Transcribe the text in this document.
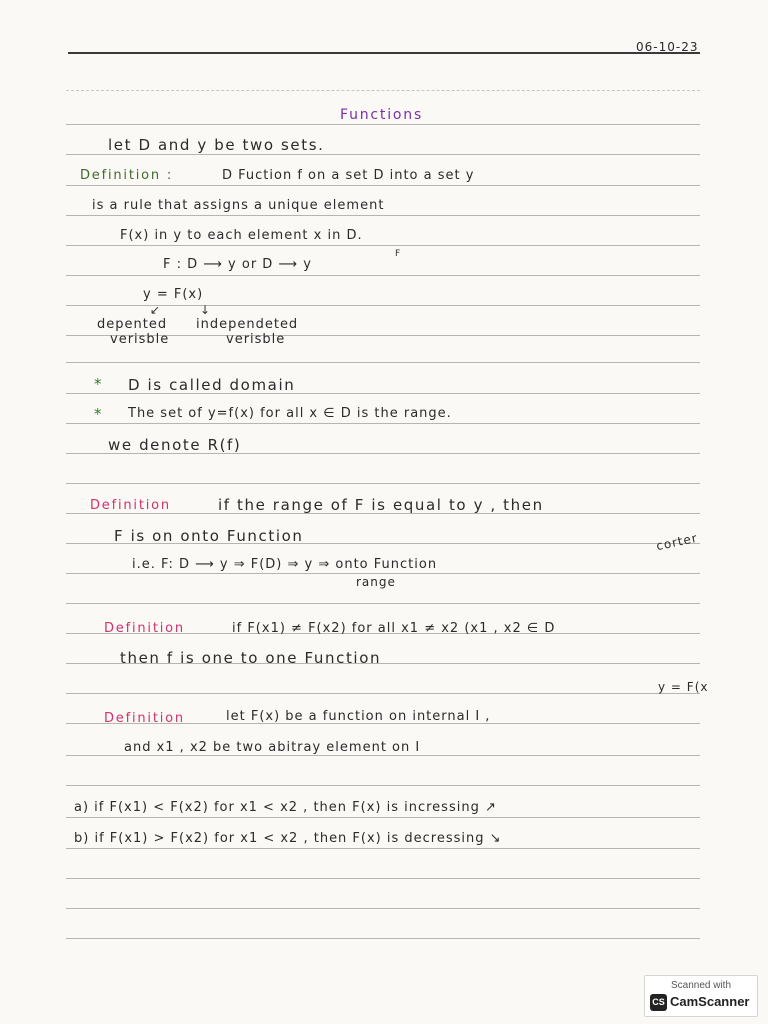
06-10-23
Functions
let D and y be two sets.
Definition :	D Fuction f on a set D into a set y
is a rule that assigns a unique element
F(x) in y to each element x in D.
F : D ⟶ y or D ⟶ y
F
y = F(x)
↙	↓
depented
verisble
independeted
verisble
* D is called domain
* The set of y=f(x) for all x ∈ D is the range.
we denote R(f)
Definition	if the range of F is equal to y , then
F is on onto Function
i.e. F: D ⟶ y ⇒ F(D) ⇒ y ⇒ onto Function
range
corter
Definition	if F(x1) ≠ F(x2) for all x1 ≠ x2 (x1 , x2 ∈ D
then f is one to one Function
y = F(x
Definition	let F(x) be a function on internal I ,
and x1 , x2 be two abitray element on I
a) if F(x1) < F(x2) for x1 < x2 , then F(x) is incressing ↗
b) if F(x1) > F(x2) for x1 < x2 , then F(x) is decressing ↘
Scanned with
CS CamScanner
